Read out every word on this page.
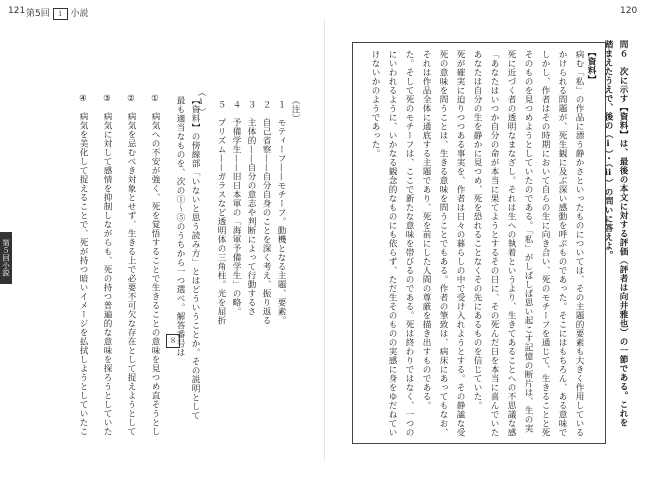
121 第5回 １ 小説	120
第５回小説	問６　次に示す【資料】は、最後の本文に対する評価（評者は向井雅也）の一節である。これを踏まえたうえで、後の（ⅰ）・（ⅱ）の問いに答えよ。
【資料】
病む「私」の作品に漂う静かさといったものについては、その主題的要素も大きく作用している
かけられる問題が、死生観に及ぶ深い感動を呼ぶものであった。そこにはもちろん、ある意味で
しかし、作者はその時期において自らの生に向き合い、死のモチーフを通じて、生きることと死
そのものを見つめようとしていたのである。「私」がしばしば思い起こす記憶の断片は、生の実
死に近づく者の透明なまなざし。それは生への執着というより、生きてあることへの不思議な感
「あなたはいつか自分の命が本当に果てようとするその日に、その死んだ日を本当に喜んでいた
あなたは自分の生を静かに見つめ、死を恐れることなくその先にあるものを信じていた。
死が確実に迫りつつある事実を、作者は日々の暮らしの中で受け入れようとする。その静謐な受
死の意味を問うことは、生きる意味を問うことでもある。作者の筆致は、病床にあってもなお、
それは作品全体に通底する主題であり、死を前にした人間の尊厳を描き出すものである。
た。そして死のモチーフは、ここで新たな意味を帯びるのである。死は終わりではなく、一つの
にいわれるように、いかなる観念的なものにも依らず、ただ生そのものの実感に身をゆだねてい
けないかのようであった。
（注）
１　モティーフ——モチーフ。動機となる主題、要素。
２　自己省察——自分自身のことを深く考え、振り返る
３　主体的——自分の意志や判断によって行動するさ
４　予備学生——旧日本軍の「海軍予備学生」の略。
５　プリズム——ガラスなど透明体の三角柱。光を屈折
（ⅰ）
【資料】の傍線部「いないと思う読み方」とはどういうことか。その説明として最も適当なものを、次の①～⑤のうちから一つ選べ。解答番号は
８
①
病気への不安が強く、死を覚悟することで生きることの意味を見つめ直そうとし
②
病気を忌むべき対象とせず、生きる上で必要不可欠な存在として捉えようとして
③
病気に対して感情を抑制しながらも、死の持つ普遍的な意味を探ろうとしていた
④
病気を美化して捉えることで、死が持つ暗いイメージを払拭しようとしていたこ
